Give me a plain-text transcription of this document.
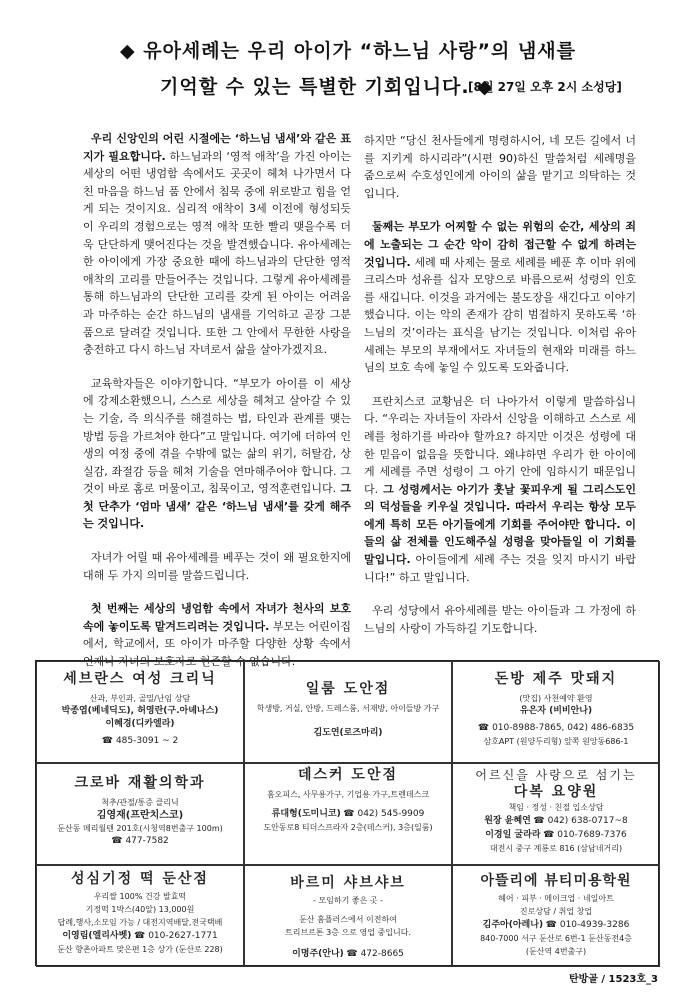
◆ 유아세례는 우리 아이가 “하느님 사랑”의 냄새를
기억할 수 있는 특별한 기회입니다. ◆
[8월 27일 오후 2시 소성당]

우리 신앙인의 어린 시절에는 ‘하느님 냄새’와 같은 표지가 필요합니다. 하느님과의 ‘영적 애착’을 가진 아이는 세상의 어떤 냉엄함 속에서도 곳곳이 헤쳐 나가면서 다친 마음을 하느님 품 안에서 침묵 중에 위로받고 힘을 얻게 되는 것이지요. 심리적 애착이 3세 이전에 형성되듯이 우리의 경험으로는 영적 애착 또한 빨리 맺을수록 더욱 단단하게 맺어진다는 것을 발견했습니다. 유아세례는 한 아이에게 가장 중요한 때에 하느님과의 단단한 영적 애착의 고리를 만들어주는 것입니다. 그렇게 유아세례를 통해 하느님과의 단단한 고리를 갖게 된 아이는 어려움과 마주하는 순간 하느님의 냄새를 기억하고 곧장 그분 품으로 달려갈 것입니다. 또한 그 안에서 무한한 사랑을 충전하고 다시 하느님 자녀로서 삶을 살아가겠지요.

교육학자들은 이야기합니다. “부모가 아이를 이 세상에 강제소환했으니, 스스로 세상을 헤쳐고 살아갈 수 있는 기술, 즉 의식주를 해결하는 법, 타인과 관계를 맺는 방법 등을 가르쳐야 한다”고 말입니다. 여기에 더하여 인생의 여정 중에 겪을 수밖에 없는 삶의 위기, 허탈감, 상실감, 좌절감 등을 헤쳐 기술을 연마해주어야 합니다. 그것이 바로 홈로 머물이고, 침묵이고, 영적훈련입니다. 그 첫 단추가 ‘엄마 냄새’ 같은 ‘하느님 냄새’를 갖게 해주는 것입니다.

자녀가 어릴 때 유아세례를 베푸는 것이 왜 필요한지에 대해 두 가지 의미를 말씀드립니다.

첫 번째는 세상의 냉엄함 속에서 자녀가 천사의 보호 속에 놓이도록 맡겨드리려는 것입니다. 부모는 어린이집에서, 학교에서, 또 아이가 마주할 다양한 상황 속에서 언제나 자녀의 보호자로 현존할 수 없습니다.

하지만 “당신 천사들에게 명령하시어, 네 모든 길에서 너를 지키게 하시리라”(시편 90)하신 말씀처럼 세례명을 줌으로써 수호성인에게 아이의 삶을 맡기고 의탁하는 것입니다.

둘째는 부모가 어찌할 수 없는 위험의 순간, 세상의 죄에 노출되는 그 순간 악이 감히 접근할 수 없게 하려는 것입니다. 세례 때 사제는 물로 세례를 베푼 후 이마 위에 크리스마 성유를 십자 모양으로 바름으로써 성령의 인호를 새깁니다. 이것을 과거에는 불도장을 새긴다고 이야기했습니다. 이는 악의 존재가 감히 범접하지 못하도록 ‘하느님의 것’이라는 표식을 남기는 것입니다. 이처럼 유아세례는 부모의 부재에서도 자녀들의 현재와 미래를 하느님의 보호 속에 놓일 수 있도록 도와줍니다.

프란치스코 교황님은 더 나아가서 이렇게 말씀하십니다. “우리는 자녀들이 자라서 신앙을 이해하고 스스로 세례를 청하기를 바라야 할까요? 하지만 이것은 성령에 대한 믿음이 없음을 뜻합니다. 왜냐하면 우리가 한 아이에게 세례를 주면 성령이 그 아기 안에 임하시기 때문입니다. 그 성령께서는 아기가 훗날 꽃피우게 될 그리스도인의 덕성들을 키우실 것입니다. 따라서 우리는 항상 모두에게 특히 모든 아기들에게 기회를 주어야만 합니다. 이들의 삶 전체를 인도해주실 성령을 맞아들일 이 기회를 말입니다. 아이들에게 세례 주는 것을 잊지 마시기 바랍니다!” 하고 말입니다.

우리 성당에서 유아세례를 받는 아이들과 그 가정에 하느님의 사랑이 가득하길 기도합니다.

세브란스 여성 크리닉
산과, 부인과, 골밀/난임 상담
박종엽(베네딕도), 허영란(구.아녜나스)
이혜경(디카엘라)
☎ 485-3091 ~ 2
일룸 도안점
학생방, 거실, 안방, 드레스룸, 서재방, 아이들방 가구
김도연(로즈마리)
돈방 제주 맛돼지
(맛집) 사천예약 환영
유은자 (비비안나)
☎ 010-8988-7865, 042) 486-6835
삼호APT (원양두리형) 앞쪽 원앙동686-1
크로바 재활의학과
척추/관절/통증 클리닉
김영재(프란치스코)
둔산동 메리월텐 201호(시청역8번출구 100m)
☎ 477-7582
데스커 도안점
홈오피스, 사무용가구, 기업용 가구,트렌데스크
류대형(도미니코) ☎ 042) 545-9909
도안동로8 티더스프라자 2층(데스커), 3층(일룸)
어르신을 사랑으로 섬기는
다복 요양원
책임 · 정성 · 친절 입소상담
원장 윤혜연 ☎ 042) 638-0717~8
이경일 굴라라 ☎ 010-7689-7376
대전시 중구 계룡로 816 (삼남네거리)
성심기정 떡 둔산점
우리쌀 100% 건강 발효떡
기정떡 1박스(40알) 13,000원
답례,행사,소모임 가능 / 대전지역배달,전국택배
이영림(엘리사벳) ☎ 010-2627-1771
둔산 향촌아파트 맞은편 1층 상가 (둔산로 228)
바르미 샤브샤브
- 모임하기 좋은 곳 -
둔산 홈플러스에서 이전하여
트리브르톤 3층 으로 영업 중입니다.
이명주(안나) ☎ 472-8665
아뜰리에 뷰티미용학원
헤어 · 피부 · 메이크업 · 네일아트
진로상담 / 취업 창업
김주아(아레나) ☎ 010-4939-3286
840-7000 서구 둔산로 6번-1 둔산동전4층
(둔산역 4번출구)
탄방골 / 1523호_3
